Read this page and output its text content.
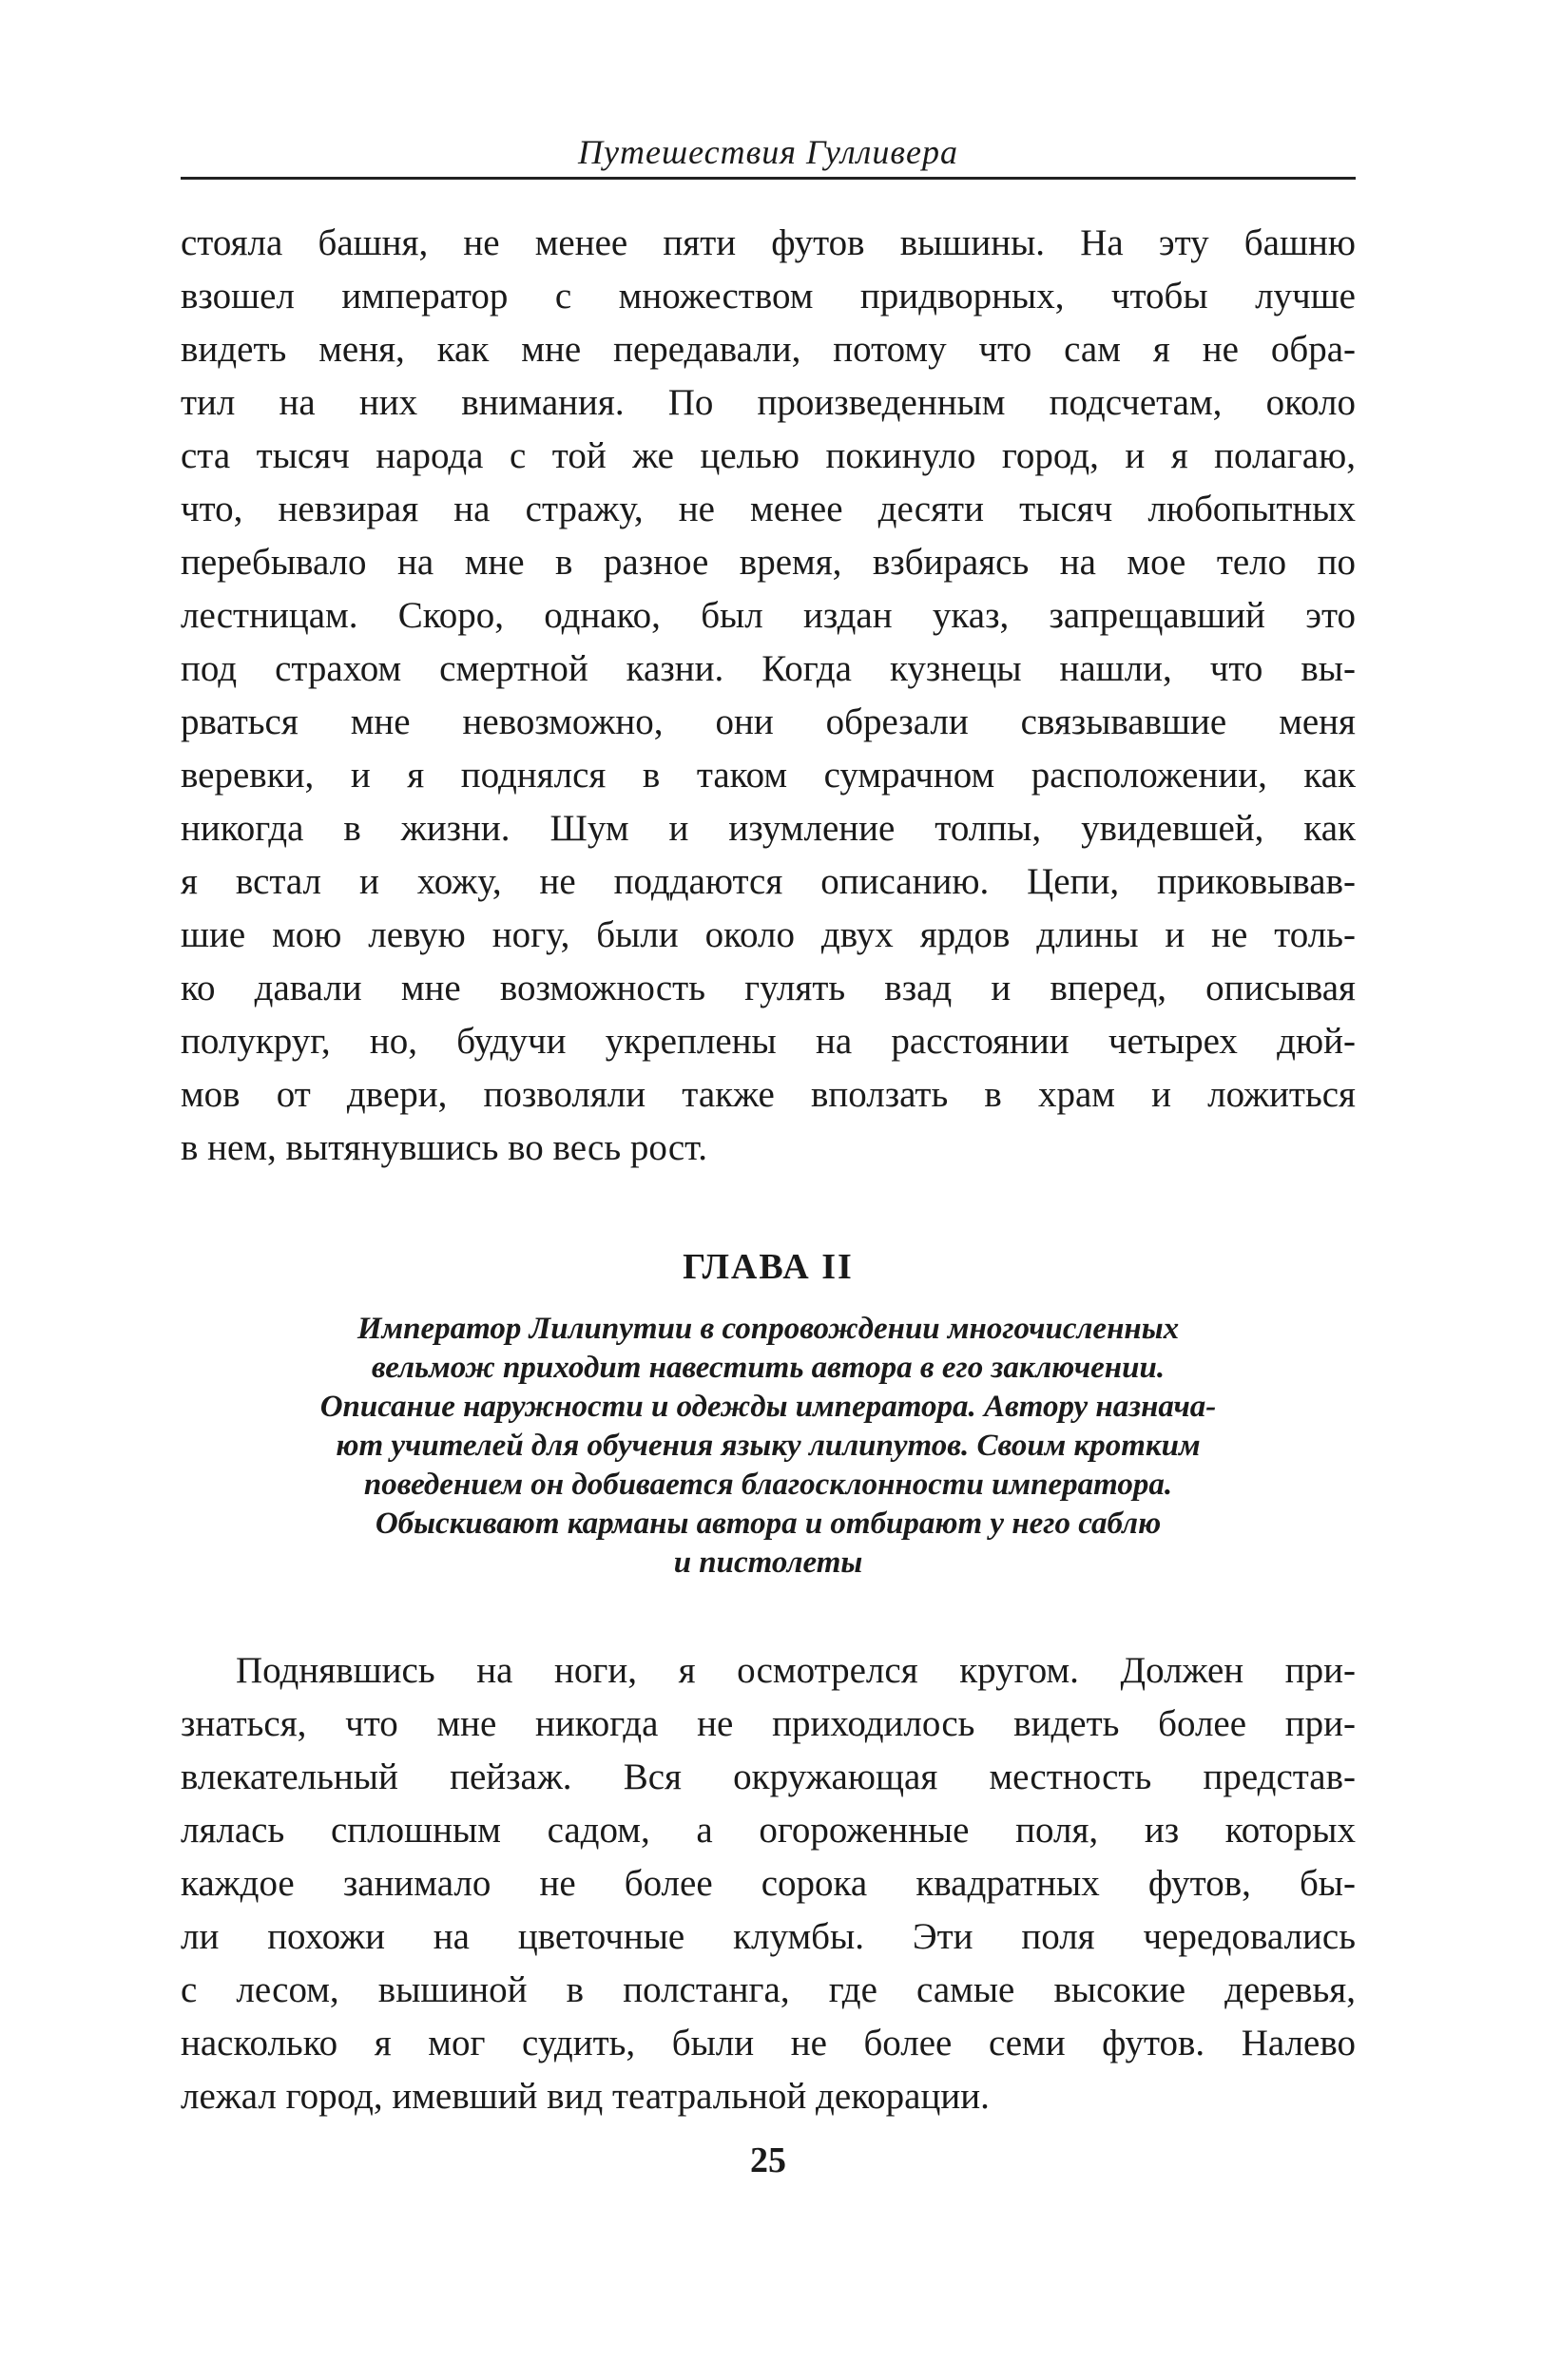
Путешествия Гулливера
стояла башня, не менее пяти футов вышины. На эту башню
взошел император с множеством придворных, чтобы лучше
видеть меня, как мне передавали, потому что сам я не обра-
тил на них внимания. По произведенным подсчетам, около
ста тысяч народа с той же целью покинуло город, и я полагаю,
что, невзирая на стражу, не менее десяти тысяч любопытных
перебывало на мне в разное время, взбираясь на мое тело по
лестницам. Скоро, однако, был издан указ, запрещавший это
под страхом смертной казни. Когда кузнецы нашли, что вы-
рваться мне невозможно, они обрезали связывавшие меня
веревки, и я поднялся в таком сумрачном расположении, как
никогда в жизни. Шум и изумление толпы, увидевшей, как
я встал и хожу, не поддаются описанию. Цепи, приковывав-
шие мою левую ногу, были около двух ярдов длины и не толь-
ко давали мне возможность гулять взад и вперед, описывая
полукруг, но, будучи укреплены на расстоянии четырех дюй-
мов от двери, позволяли также вползать в храм и ложиться
в нем, вытянувшись во весь рост.
ГЛАВА II
Император Лилипутии в сопровождении многочисленных
вельмож приходит навестить автора в его заключении.
Описание наружности и одежды императора. Автору назнача-
ют учителей для обучения языку лилипутов. Своим кротким
поведением он добивается благосклонности императора.
Обыскивают карманы автора и отбирают у него саблю
и пистолеты
Поднявшись на ноги, я осмотрелся кругом. Должен при-
знаться, что мне никогда не приходилось видеть более при-
влекательный пейзаж. Вся окружающая местность представ-
лялась сплошным садом, а огороженные поля, из которых
каждое занимало не более сорока квадратных футов, бы-
ли похожи на цветочные клумбы. Эти поля чередовались
с лесом, вышиной в полстанга, где самые высокие деревья,
насколько я мог судить, были не более семи футов. Налево
лежал город, имевший вид театральной декорации.
25
